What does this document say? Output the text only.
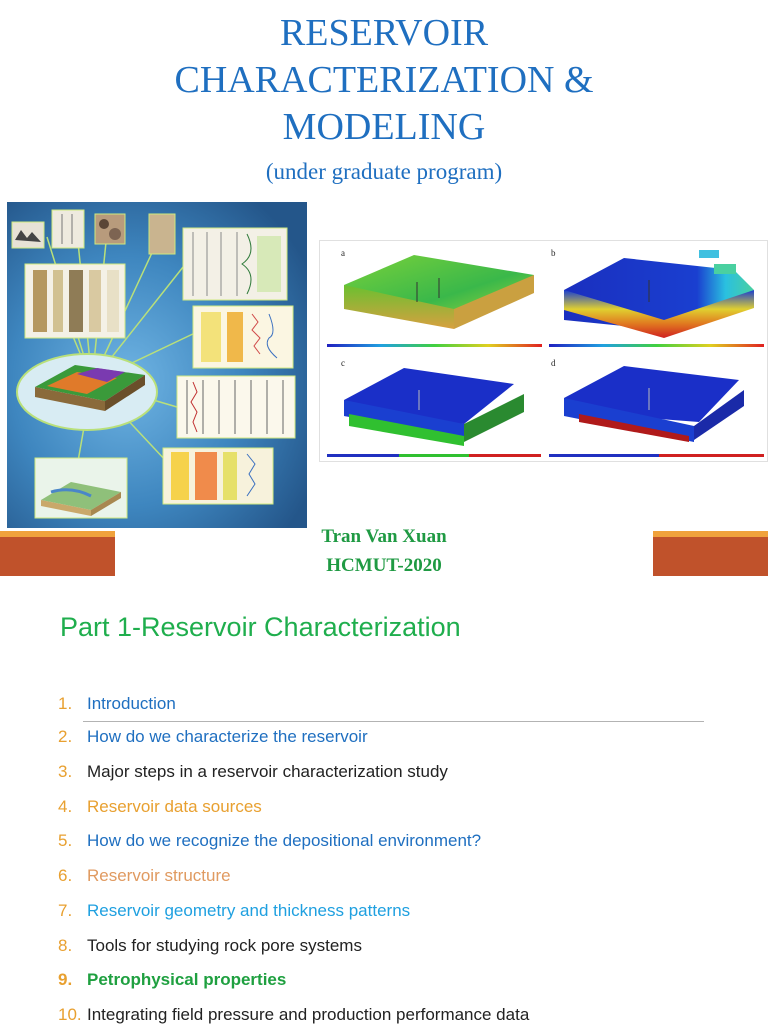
RESERVOIR
CHARACTERIZATION &
MODELING
(under graduate program)
a	b
c	d
Tran Van Xuan
HCMUT-2020
Part 1-Reservoir Characterization
1. Introduction
2. How do we characterize the reservoir
3. Major steps in a reservoir characterization study
4. Reservoir data sources
5. How do we recognize the depositional environment?
6. Reservoir structure
7. Reservoir geometry and thickness patterns
8. Tools for studying rock pore systems
9. Petrophysical properties
10. Integrating field pressure and production performance data
